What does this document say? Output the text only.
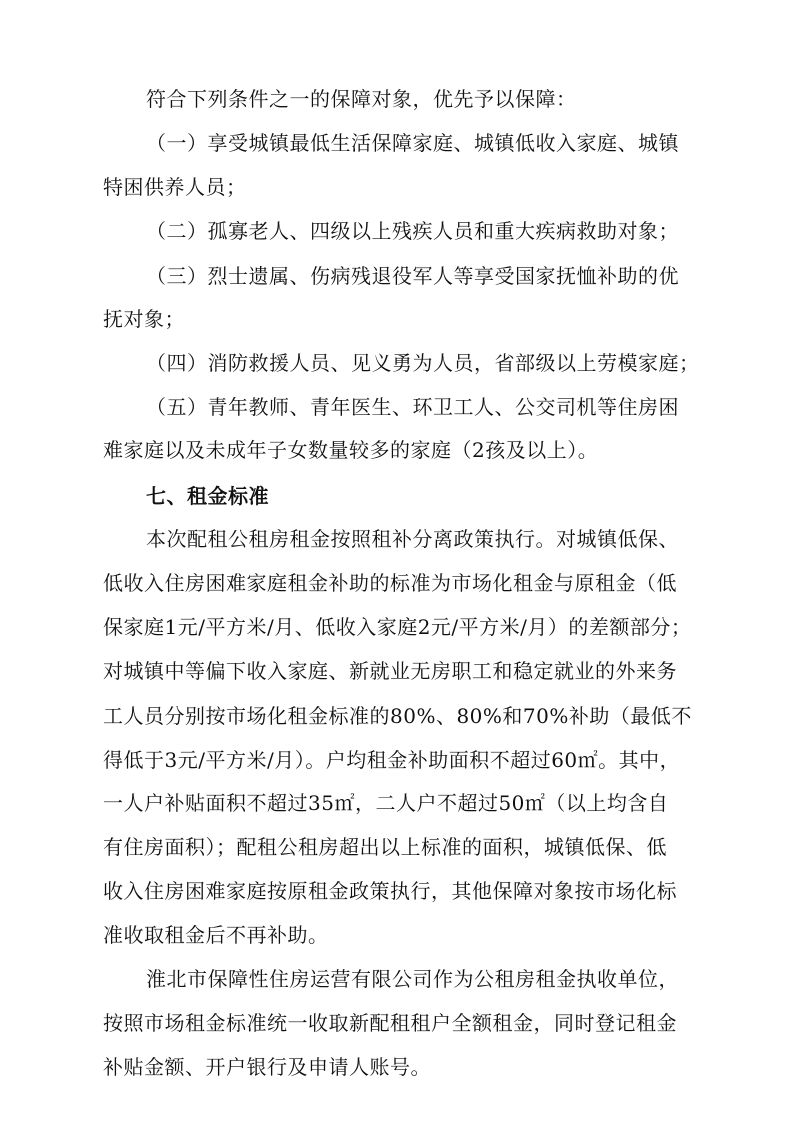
符合下列条件之一的保障对象，优先予以保障：
（一）享受城镇最低生活保障家庭、城镇低收入家庭、城镇
特困供养人员；
（二）孤寡老人、四级以上残疾人员和重大疾病救助对象；
（三）烈士遗属、伤病残退役军人等享受国家抚恤补助的优
抚对象；
（四）消防救援人员、见义勇为人员，省部级以上劳模家庭；
（五）青年教师、青年医生、环卫工人、公交司机等住房困
难家庭以及未成年子女数量较多的家庭（2孩及以上）。
七、租金标准
本次配租公租房租金按照租补分离政策执行。对城镇低保、
低收入住房困难家庭租金补助的标准为市场化租金与原租金（低
保家庭1元/平方米/月、低收入家庭2元/平方米/月）的差额部分；
对城镇中等偏下收入家庭、新就业无房职工和稳定就业的外来务
工人员分别按市场化租金标准的80%、80%和70%补助（最低不
得低于3元/平方米/月）。户均租金补助面积不超过60㎡。其中，
一人户补贴面积不超过35㎡，二人户不超过50㎡（以上均含自
有住房面积）；配租公租房超出以上标准的面积，城镇低保、低
收入住房困难家庭按原租金政策执行，其他保障对象按市场化标
准收取租金后不再补助。
淮北市保障性住房运营有限公司作为公租房租金执收单位，
按照市场租金标准统一收取新配租租户全额租金，同时登记租金
补贴金额、开户银行及申请人账号。
